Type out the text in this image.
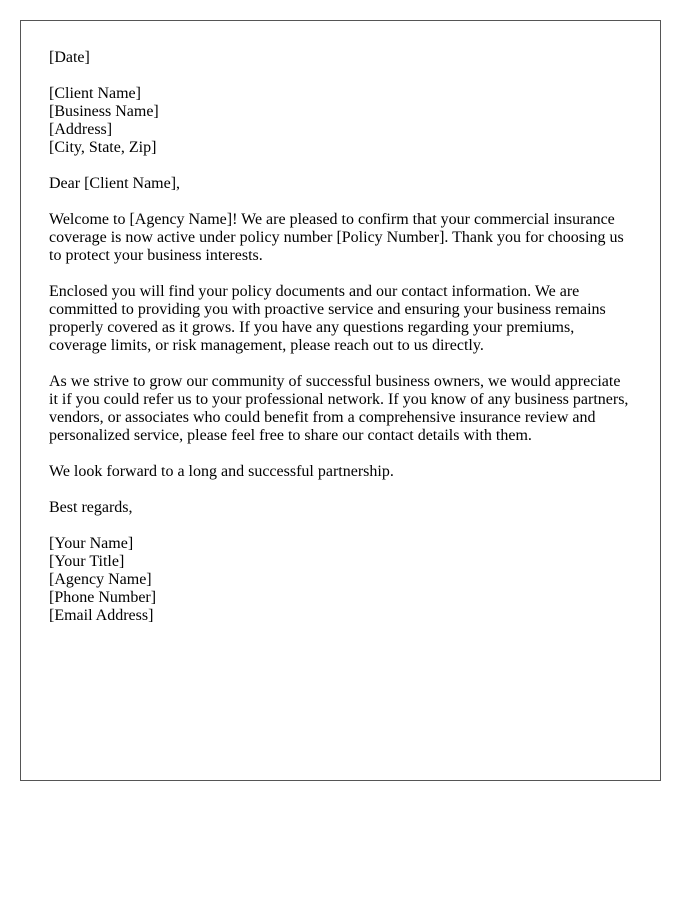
[Date]
[Client Name]
[Business Name]
[Address]
[City, State, Zip]
Dear [Client Name],
Welcome to [Agency Name]! We are pleased to confirm that your commercial insurance
coverage is now active under policy number [Policy Number]. Thank you for choosing us
to protect your business interests.
Enclosed you will find your policy documents and our contact information. We are
committed to providing you with proactive service and ensuring your business remains
properly covered as it grows. If you have any questions regarding your premiums,
coverage limits, or risk management, please reach out to us directly.
As we strive to grow our community of successful business owners, we would appreciate
it if you could refer us to your professional network. If you know of any business partners,
vendors, or associates who could benefit from a comprehensive insurance review and
personalized service, please feel free to share our contact details with them.
We look forward to a long and successful partnership.
Best regards,
[Your Name]
[Your Title]
[Agency Name]
[Phone Number]
[Email Address]
